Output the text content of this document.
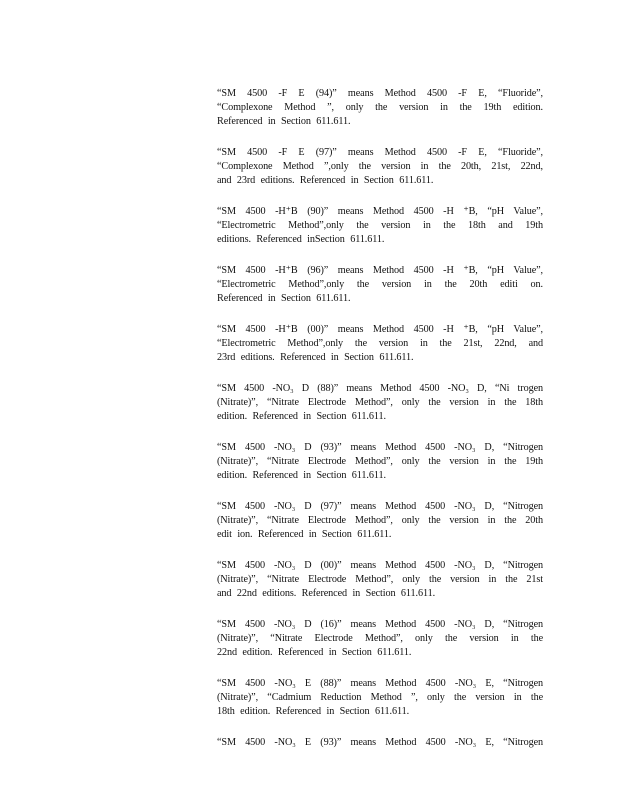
“SM 4500 -F E (94)” means Method 4500 -F E, “Fluoride”,
“Complexone Method ”, only the version in the 19th edition.
Referenced in Section 611.611.
“SM 4500 -F E (97)” means Method 4500 -F E, “Fluoride”,
“Complexone Method ”,only the version in the 20th, 21st, 22nd,
and 23rd editions. Referenced in Section 611.611.
“SM 4500 -H⁺B (90)” means Method 4500 -H ⁺B, “pH Value”,
“Electrometric Method”,only the version in the 18th and 19th
editions. Referenced inSection 611.611.
“SM 4500 -H⁺B (96)” means Method 4500 -H ⁺B, “pH Value”,
“Electrometric Method”,only the version in the 20th editi on.
Referenced in Section 611.611.
“SM 4500 -H⁺B (00)” means Method 4500 -H ⁺B, “pH Value”,
“Electrometric Method”,only the version in the 21st, 22nd, and
23rd editions. Referenced in Section 611.611.
“SM 4500 -NO₃ D (88)” means Method 4500 -NO₃ D, “Ni trogen
(Nitrate)”, “Nitrate Electrode Method”, only the version in the 18th
edition. Referenced in Section 611.611.
“SM 4500 -NO₃ D (93)” means Method 4500 -NO₃ D, “Nitrogen
(Nitrate)”, “Nitrate Electrode Method”, only the version in the 19th
edition. Referenced in Section 611.611.
“SM 4500 -NO₃ D (97)” means Method 4500 -NO₃ D, “Nitrogen
(Nitrate)”, “Nitrate Electrode Method”, only the version in the 20th
edit ion. Referenced in Section 611.611.
“SM 4500 -NO₃ D (00)” means Method 4500 -NO₃ D, “Nitrogen
(Nitrate)”, “Nitrate Electrode Method”, only the version in the 21st
and 22nd editions. Referenced in Section 611.611.
“SM 4500 -NO₃ D (16)” means Method 4500 -NO₃ D, “Nitrogen
(Nitrate)”, “Nitrate Electrode Method”, only the version in the
22nd edition. Referenced in Section 611.611.
“SM 4500 -NO₃ E (88)” means Method 4500 -NO₃ E, “Nitrogen
(Nitrate)”, “Cadmium Reduction Method ”, only the version in the
18th edition. Referenced in Section 611.611.
“SM 4500 -NO₃ E (93)” means Method 4500 -NO₃ E, “Nitrogen
